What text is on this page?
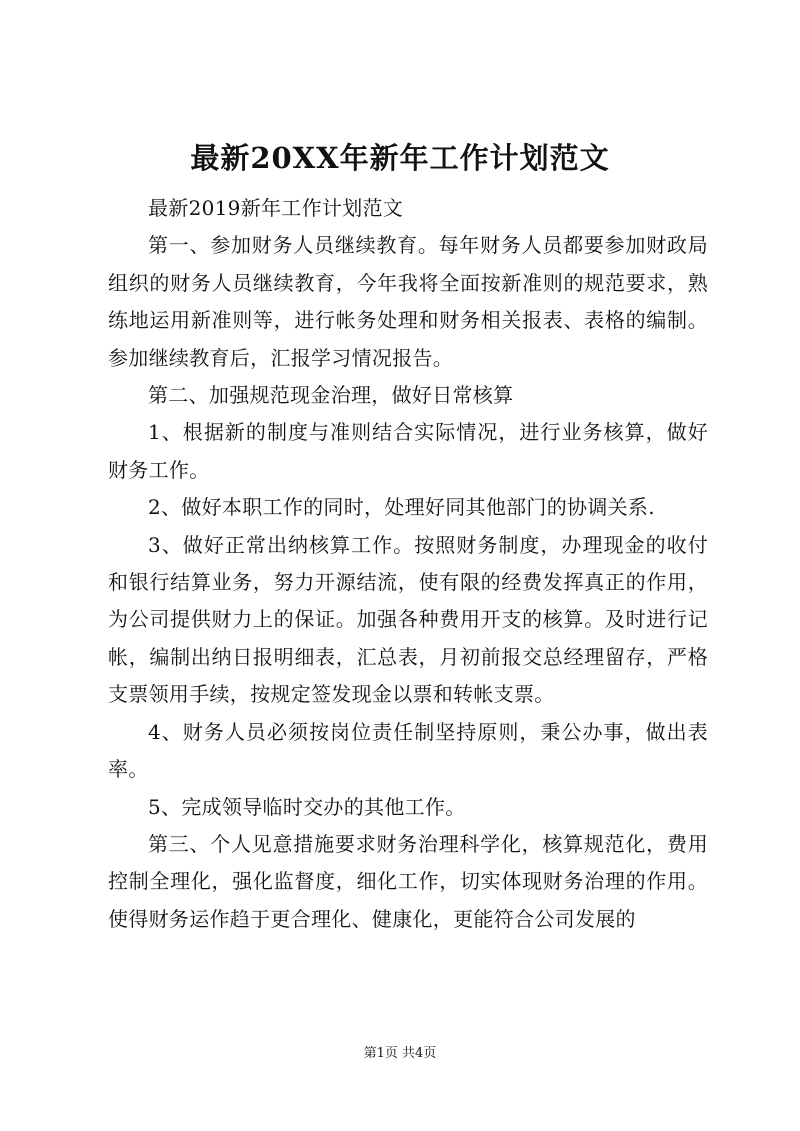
最新20XX年新年工作计划范文

最新2019新年工作计划范文

第一、参加财务人员继续教育。每年财务人员都要参加财政局组织的财务人员继续教育，今年我将全面按新准则的规范要求，熟练地运用新准则等，进行帐务处理和财务相关报表、表格的编制。参加继续教育后，汇报学习情况报告。

第二、加强规范现金治理，做好日常核算

1、根据新的制度与准则结合实际情况，进行业务核算，做好财务工作。

2、做好本职工作的同时，处理好同其他部门的协调关系.

3、做好正常出纳核算工作。按照财务制度，办理现金的收付和银行结算业务，努力开源结流，使有限的经费发挥真正的作用，为公司提供财力上的保证。加强各种费用开支的核算。及时进行记帐，编制出纳日报明细表，汇总表，月初前报交总经理留存，严格支票领用手续，按规定签发现金以票和转帐支票。

4、财务人员必须按岗位责任制坚持原则，秉公办事，做出表率。

5、完成领导临时交办的其他工作。

第三、个人见意措施要求财务治理科学化，核算规范化，费用控制全理化，强化监督度，细化工作，切实体现财务治理的作用。使得财务运作趋于更合理化、健康化，更能符合公司发展的

第1页 共4页
